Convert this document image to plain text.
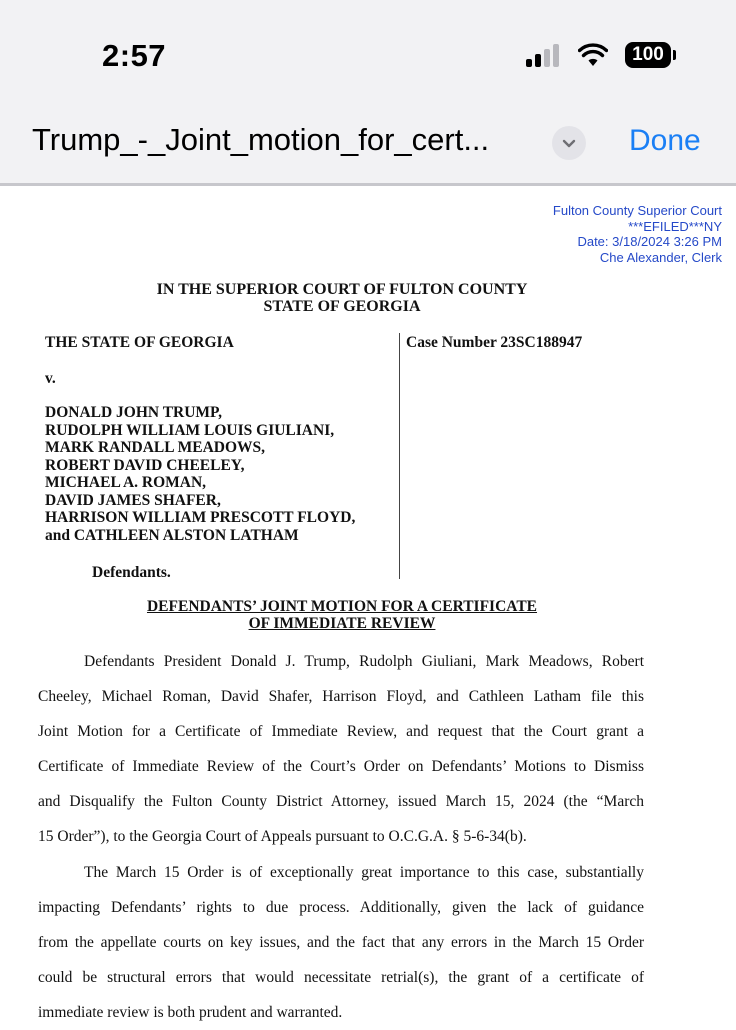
2:57	100
Trump_-_Joint_motion_for_cert...	Done
Fulton County Superior Court
***EFILED***NY
Date: 3/18/2024 3:26 PM
Che Alexander, Clerk
IN THE SUPERIOR COURT OF FULTON COUNTY
STATE OF GEORGIA
THE STATE OF GEORGIA	Case Number 23SC188947
v.
DONALD JOHN TRUMP,
RUDOLPH WILLIAM LOUIS GIULIANI,
MARK RANDALL MEADOWS,
ROBERT DAVID CHEELEY,
MICHAEL A. ROMAN,
DAVID JAMES SHAFER,
HARRISON WILLIAM PRESCOTT FLOYD,
and CATHLEEN ALSTON LATHAM
Defendants.
DEFENDANTS’ JOINT MOTION FOR A CERTIFICATE
OF IMMEDIATE REVIEW
Defendants President Donald J. Trump, Rudolph Giuliani, Mark Meadows, Robert
Cheeley, Michael Roman, David Shafer, Harrison Floyd, and Cathleen Latham file this
Joint Motion for a Certificate of Immediate Review, and request that the Court grant a
Certificate of Immediate Review of the Court’s Order on Defendants’ Motions to Dismiss
and Disqualify the Fulton County District Attorney, issued March 15, 2024 (the “March
15 Order”), to the Georgia Court of Appeals pursuant to O.C.G.A. § 5-6-34(b).
The March 15 Order is of exceptionally great importance to this case, substantially
impacting Defendants’ rights to due process. Additionally, given the lack of guidance
from the appellate courts on key issues, and the fact that any errors in the March 15 Order
could be structural errors that would necessitate retrial(s), the grant of a certificate of
immediate review is both prudent and warranted.
